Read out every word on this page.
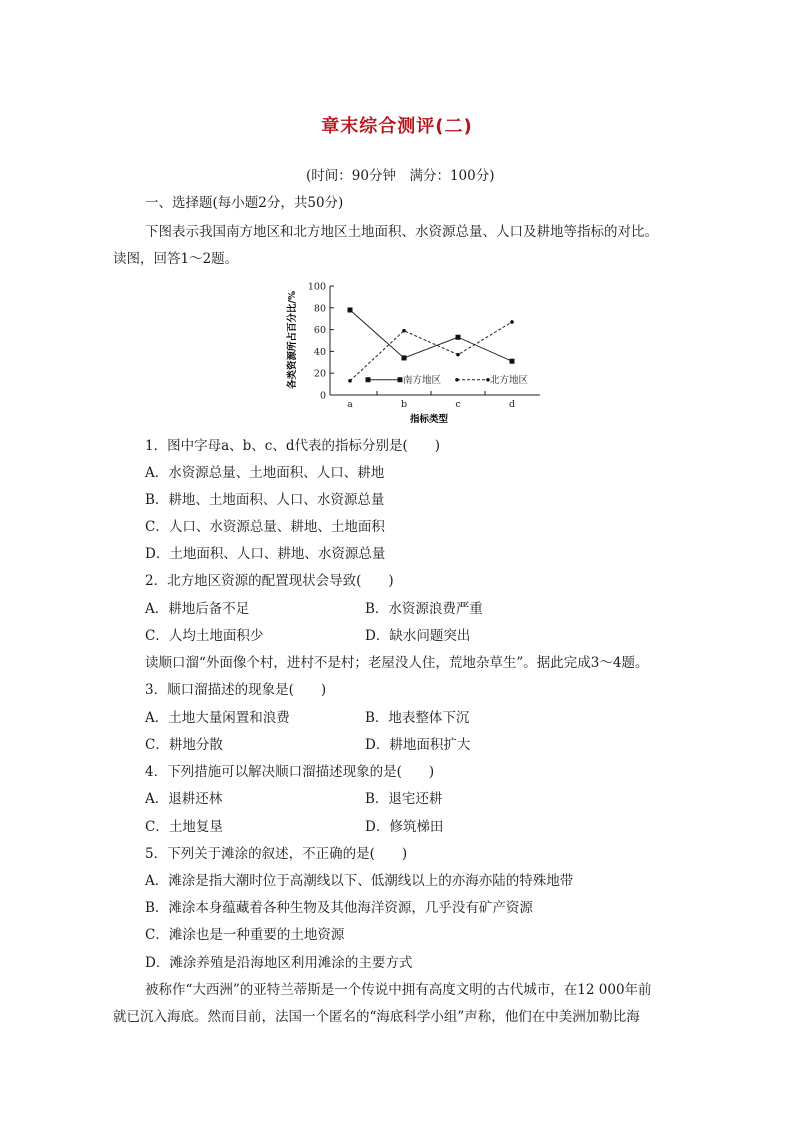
章末综合测评(二)
(时间：90分钟　满分：100分)
一、选择题(每小题2分，共50分)
下图表示我国南方地区和北方地区土地面积、水资源总量、人口及耕地等指标的对比。
读图，回答1～2题。
0
20
40
60
80
100
a	b	c	d
南方地区	北方地区
各类资源所占百分比/%
指标类型
1．图中字母a、b、c、d代表的指标分别是(　　)
A．水资源总量、土地面积、人口、耕地
B．耕地、土地面积、人口、水资源总量
C．人口、水资源总量、耕地、土地面积
D．土地面积、人口、耕地、水资源总量
2．北方地区资源的配置现状会导致(　　)
A．耕地后备不足	B．水资源浪费严重
C．人均土地面积少	D．缺水问题突出
读顺口溜“外面像个村，进村不是村；老屋没人住，荒地杂草生”。据此完成3～4题。
3．顺口溜描述的现象是(　　)
A．土地大量闲置和浪费	B．地表整体下沉
C．耕地分散	D．耕地面积扩大
4．下列措施可以解决顺口溜描述现象的是(　　)
A．退耕还林	B．退宅还耕
C．土地复垦	D．修筑梯田
5．下列关于滩涂的叙述，不正确的是(　　)
A．滩涂是指大潮时位于高潮线以下、低潮线以上的亦海亦陆的特殊地带
B．滩涂本身蕴藏着各种生物及其他海洋资源，几乎没有矿产资源
C．滩涂也是一种重要的土地资源
D．滩涂养殖是沿海地区利用滩涂的主要方式
被称作“大西洲”的亚特兰蒂斯是一个传说中拥有高度文明的古代城市，在12 000年前
就已沉入海底。然而目前，法国一个匿名的“海底科学小组”声称，他们在中美洲加勒比海
